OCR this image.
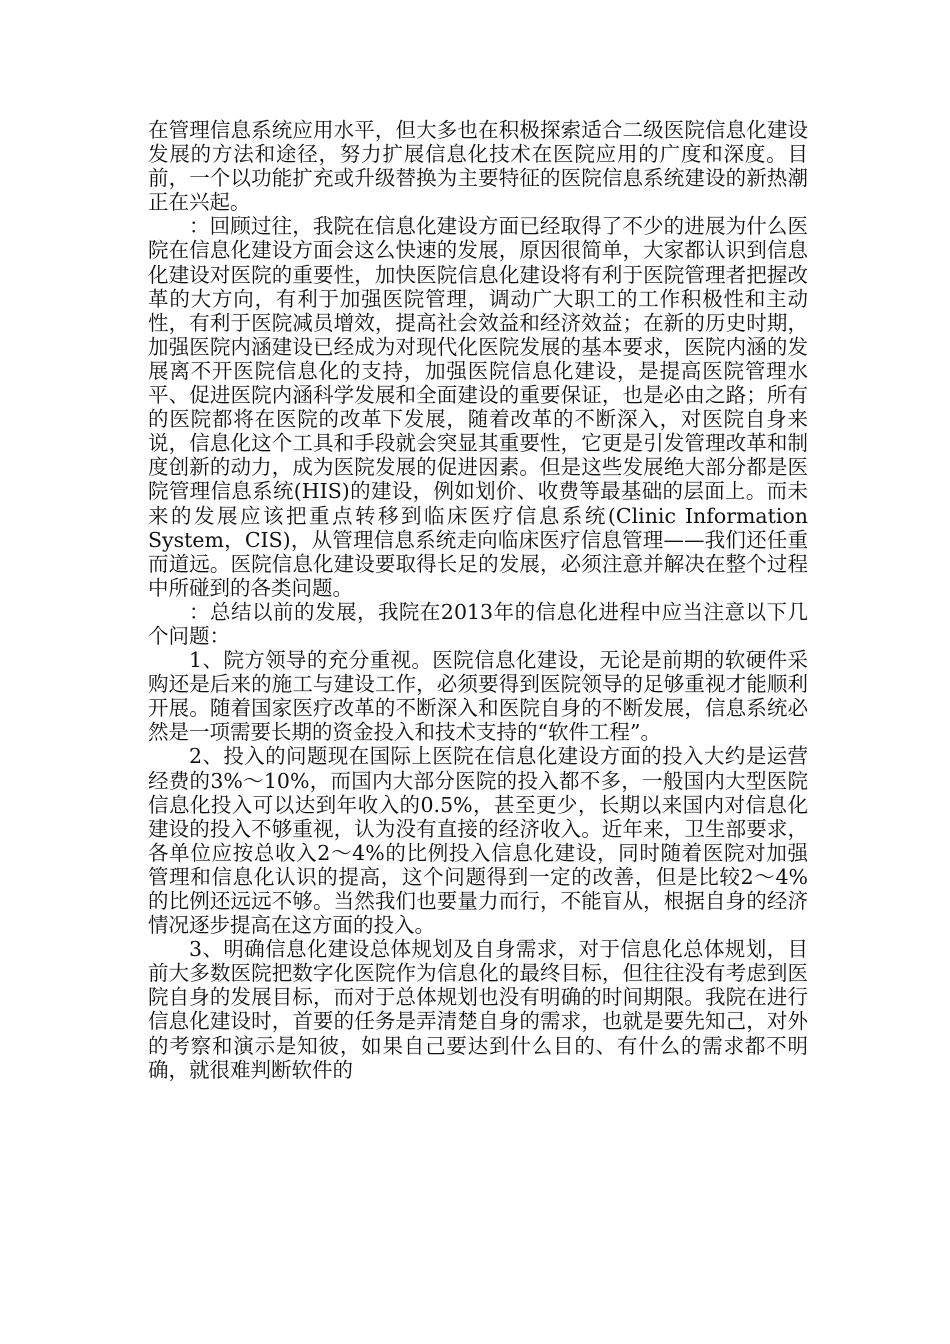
在管理信息系统应用水平，但大多也在积极探索适合二级医院信息化建设发展的方法和途径，努力扩展信息化技术在医院应用的广度和深度。目前，一个以功能扩充或升级替换为主要特征的医院信息系统建设的新热潮正在兴起。

：回顾过往，我院在信息化建设方面已经取得了不少的进展为什么医院在信息化建设方面会这么快速的发展，原因很简单，大家都认识到信息化建设对医院的重要性，加快医院信息化建设将有利于医院管理者把握改革的大方向，有利于加强医院管理，调动广大职工的工作积极性和主动性，有利于医院减员增效，提高社会效益和经济效益；在新的历史时期，加强医院内涵建设已经成为对现代化医院发展的基本要求，医院内涵的发展离不开医院信息化的支持，加强医院信息化建设，是提高医院管理水平、促进医院内涵科学发展和全面建设的重要保证，也是必由之路；所有的医院都将在医院的改革下发展，随着改革的不断深入，对医院自身来说，信息化这个工具和手段就会突显其重要性，它更是引发管理改革和制度创新的动力，成为医院发展的促进因素。但是这些发展绝大部分都是医院管理信息系统(HIS)的建设，例如划价、收费等最基础的层面上。而未来的发展应该把重点转移到临床医疗信息系统(Clinic Information System，CIS)，从管理信息系统走向临床医疗信息管理——我们还任重而道远。医院信息化建设要取得长足的发展，必须注意并解决在整个过程中所碰到的各类问题。

：总结以前的发展，我院在2013年的信息化进程中应当注意以下几个问题：

1、院方领导的充分重视。医院信息化建设，无论是前期的软硬件采购还是后来的施工与建设工作，必须要得到医院领导的足够重视才能顺利开展。随着国家医疗改革的不断深入和医院自身的不断发展，信息系统必然是一项需要长期的资金投入和技术支持的“软件工程”。

2、投入的问题现在国际上医院在信息化建设方面的投入大约是运营经费的3%～10%，而国内大部分医院的投入都不多，一般国内大型医院信息化投入可以达到年收入的0.5%，甚至更少，长期以来国内对信息化建设的投入不够重视，认为没有直接的经济收入。近年来，卫生部要求，各单位应按总收入2～4%的比例投入信息化建设，同时随着医院对加强管理和信息化认识的提高，这个问题得到一定的改善，但是比较2～4%的比例还远远不够。当然我们也要量力而行，不能盲从，根据自身的经济情况逐步提高在这方面的投入。

3、明确信息化建设总体规划及自身需求，对于信息化总体规划，目前大多数医院把数字化医院作为信息化的最终目标，但往往没有考虑到医院自身的发展目标，而对于总体规划也没有明确的时间期限。我院在进行信息化建设时，首要的任务是弄清楚自身的需求，也就是要先知己，对外的考察和演示是知彼，如果自己要达到什么目的、有什么的需求都不明确，就很难判断软件的
